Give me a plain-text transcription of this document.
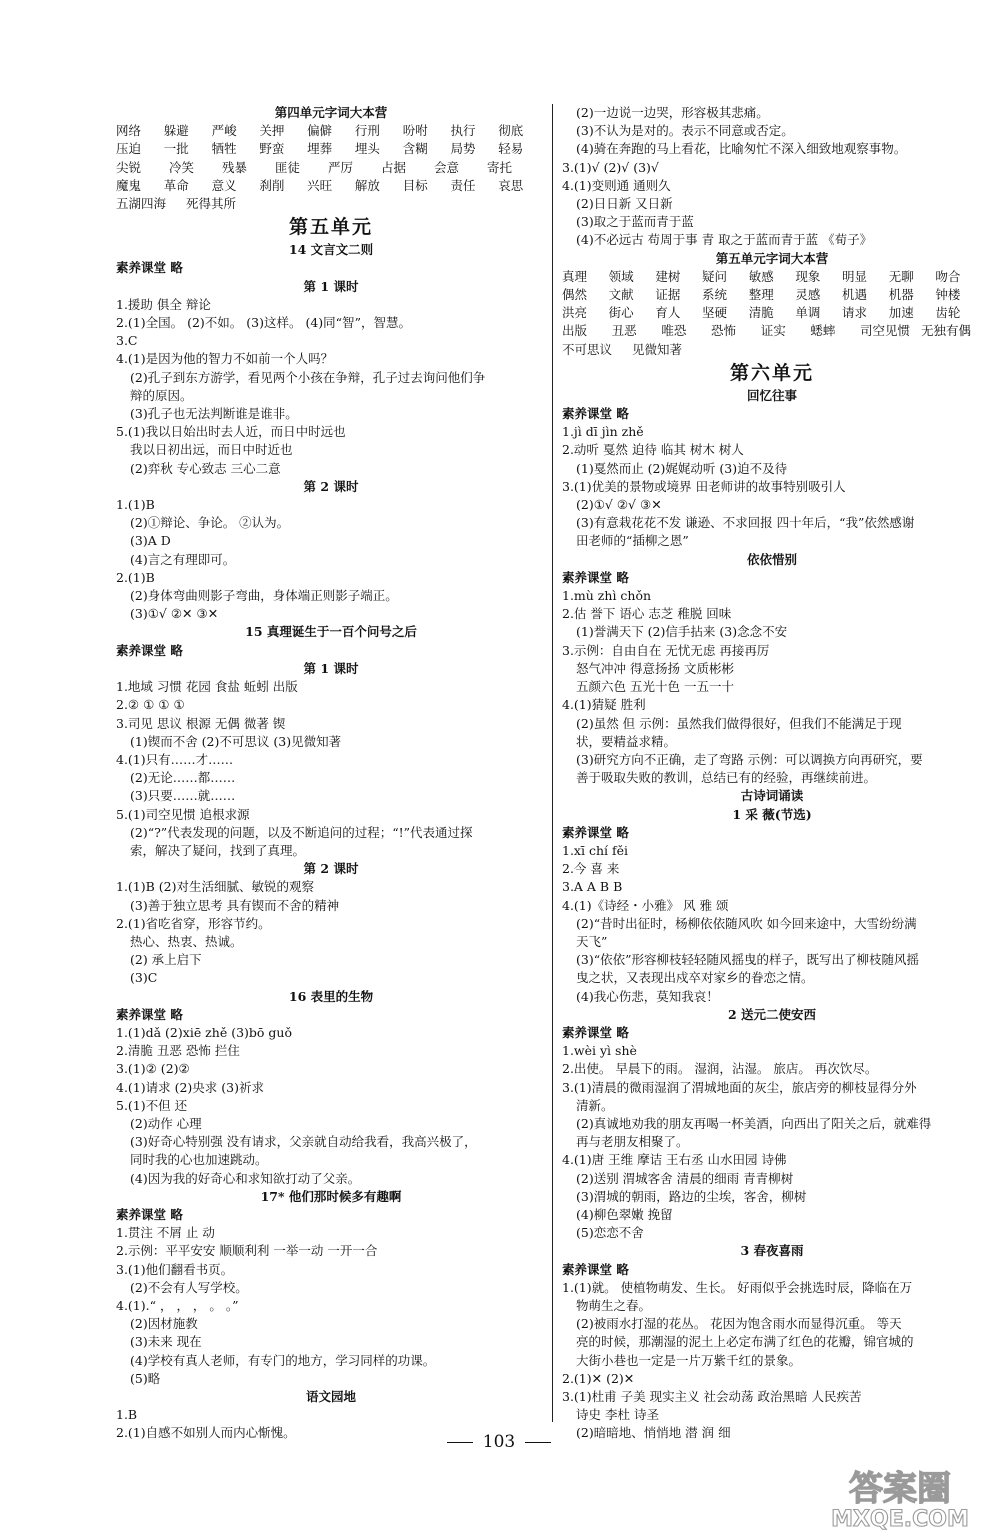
第四单元字词大本营
网络	躲避	严峻	关押	偏僻	行刑	吩咐	执行	彻底
压迫	一批	牺牲	野蛮	埋葬	埋头	含糊	局势	轻易
尖锐	冷笑	残暴	匪徒	严厉	占据	会意	寄托
魔鬼	革命	意义	刹削	兴旺	解放	目标	责任	哀思
五湖四海	死得其所
第五单元
14 文言文二则
素养课堂 略
第 1 课时
1.援助 俱全 辩论
2.(1)全国。 (2)不如。 (3)这样。 (4)同“智”，智慧。
3.C
4.(1)是因为他的智力不如前一个人吗？
(2)孔子到东方游学，看见两个小孩在争辩，孔子过去询问他们争
辩的原因。
(3)孔子也无法判断谁是谁非。
5.(1)我以日始出时去人近，而日中时远也
我以日初出远，而日中时近也
(2)弈秋 专心致志 三心二意
第 2 课时
1.(1)B
(2)①辩论、争论。 ②认为。
(3)A D
(4)言之有理即可。
2.(1)B
(2)身体弯曲则影子弯曲，身体端正则影子端正。
(3)①√ ②✕ ③✕
15 真理诞生于一百个问号之后
素养课堂 略
第 1 课时
1.地域 习惯 花园 食盐 蚯蚓 出版
2.② ① ① ①
3.司见 思议 根源 无偶 微著 锲
(1)锲而不舍 (2)不可思议 (3)见微知著
4.(1)只有……才……
(2)无论……都……
(3)只要……就……
5.(1)司空见惯 追根求源
(2)“?”代表发现的问题，以及不断追问的过程；“!”代表通过探
索，解决了疑问，找到了真理。
第 2 课时
1.(1)B (2)对生活细腻、敏锐的观察
(3)善于独立思考 具有锲而不舍的精神
2.(1)省吃省穿，形容节约。
热心、热衷、热诚。
(2) 承上启下
(3)C
16 表里的生物
素养课堂 略
1.(1)dǎ (2)xiē zhě (3)bō guǒ
2.清脆 丑恶 恐怖 拦住
3.(1)② (2)②
4.(1)请求 (2)央求 (3)祈求
5.(1)不但 还
(2)动作 心理
(3)好奇心特别强 没有请求，父亲就自动给我看，我高兴极了，
同时我的心也加速跳动。
(4)因为我的好奇心和求知欲打动了父亲。
17* 他们那时候多有趣啊
素养课堂 略
1.贯注 不屑 止 动
2.示例：平平安安 顺顺利利 一举一动 一开一合
3.(1)他们翻看书页。
(2)不会有人写学校。
4.(1).“ ， ， ， 。 。”
(2)因材施教
(3)未来 现在
(4)学校有真人老师，有专门的地方，学习同样的功课。
(5)略
语文园地
1.B
2.(1)自感不如别人而内心惭愧。
(2)一边说一边哭，形容极其悲痛。
(3)不认为是对的。表示不同意或否定。
(4)骑在奔跑的马上看花，比喻匆忙不深入细致地观察事物。
3.(1)√ (2)√ (3)√
4.(1)变则通 通则久
(2)日日新 又日新
(3)取之于蓝而青于蓝
(4)不必远古 苟周于事 青 取之于蓝而青于蓝 《荀子》
第五单元字词大本营
真理	领域	建树	疑问	敏感	现象	明显	无聊	吻合
偶然	文献	证据	系统	整理	灵感	机遇	机器	钟楼
洪亮	街心	育人	坚硬	清脆	单调	请求	加速	齿轮
出版	丑恶	唯恐	恐怖	证实	蟋蟀	司空见惯 无独有偶
不可思议	见微知著
第六单元
回忆往事
素养课堂 略
1.jì dī jìn zhě
2.动听 戛然 迫待 临其 树木 树人
(1)戛然而止 (2)娓娓动听 (3)迫不及待
3.(1)优美的景物或境界 田老师讲的故事特别吸引人
(2)①√ ②√ ③✕
(3)有意栽花花不发 谦逊、不求回报 四十年后，“我”依然感谢
田老师的“插柳之恩”
依依惜别
素养课堂 略
1.mù zhì chǒn
2.估 誉下 语心 志芝 稚脱 回味
(1)誉满天下 (2)信手拈来 (3)念念不安
3.示例：自由自在 无忧无虑 再接再厉
怒气冲冲 得意扬扬 文质彬彬
五颜六色 五光十色 一五一十
4.(1)猜疑 胜利
(2)虽然 但 示例：虽然我们做得很好，但我们不能满足于现
状，要精益求精。
(3)研究方向不正确，走了弯路 示例：可以调换方向再研究，要
善于吸取失败的教训，总结已有的经验，再继续前进。
古诗词诵读
1 采 薇(节选)
素养课堂 略
1.xī chí fěi
2.今 喜 来
3.A A B B
4.(1)《诗经・小雅》 风 雅 颂
(2)“昔时出征时，杨柳依依随风吹 如今回来途中，大雪纷纷满
天飞”
(3)“依依”形容柳枝轻轻随风摇曳的样子，既写出了柳枝随风摇
曳之状，又表现出戍卒对家乡的眷恋之情。
(4)我心伤悲，莫知我哀！
2 送元二使安西
素养课堂 略
1.wèi yì shè
2.出使。 早晨下的雨。 湿润，沾湿。 旅店。 再次饮尽。
3.(1)清晨的微雨湿润了渭城地面的灰尘，旅店旁的柳枝显得分外
清新。
(2)真诚地劝我的朋友再喝一杯美酒，向西出了阳关之后，就难得
再与老朋友相聚了。
4.(1)唐 王维 摩诘 王右丞 山水田园 诗佛
(2)送别 渭城客舍 清晨的细雨 青青柳树
(3)渭城的朝雨，路边的尘埃，客舍，柳树
(4)柳色翠嫩 挽留
(5)恋恋不舍
3 春夜喜雨
素养课堂 略
1.(1)就。 使植物萌发、生长。 好雨似乎会挑选时辰，降临在万
物萌生之春。
(2)被雨水打湿的花丛。 花因为饱含雨水而显得沉重。 等天
亮的时候，那潮湿的泥土上必定布满了红色的花瓣，锦官城的
大街小巷也一定是一片万紫千红的景象。
2.(1)✕ (2)✕
3.(1)杜甫 子美 现实主义 社会动荡 政治黑暗 人民疾苦
诗史 李杜 诗圣
(2)暗暗地、悄悄地 潜 润 细
103
答案圈
MXQE.COM
